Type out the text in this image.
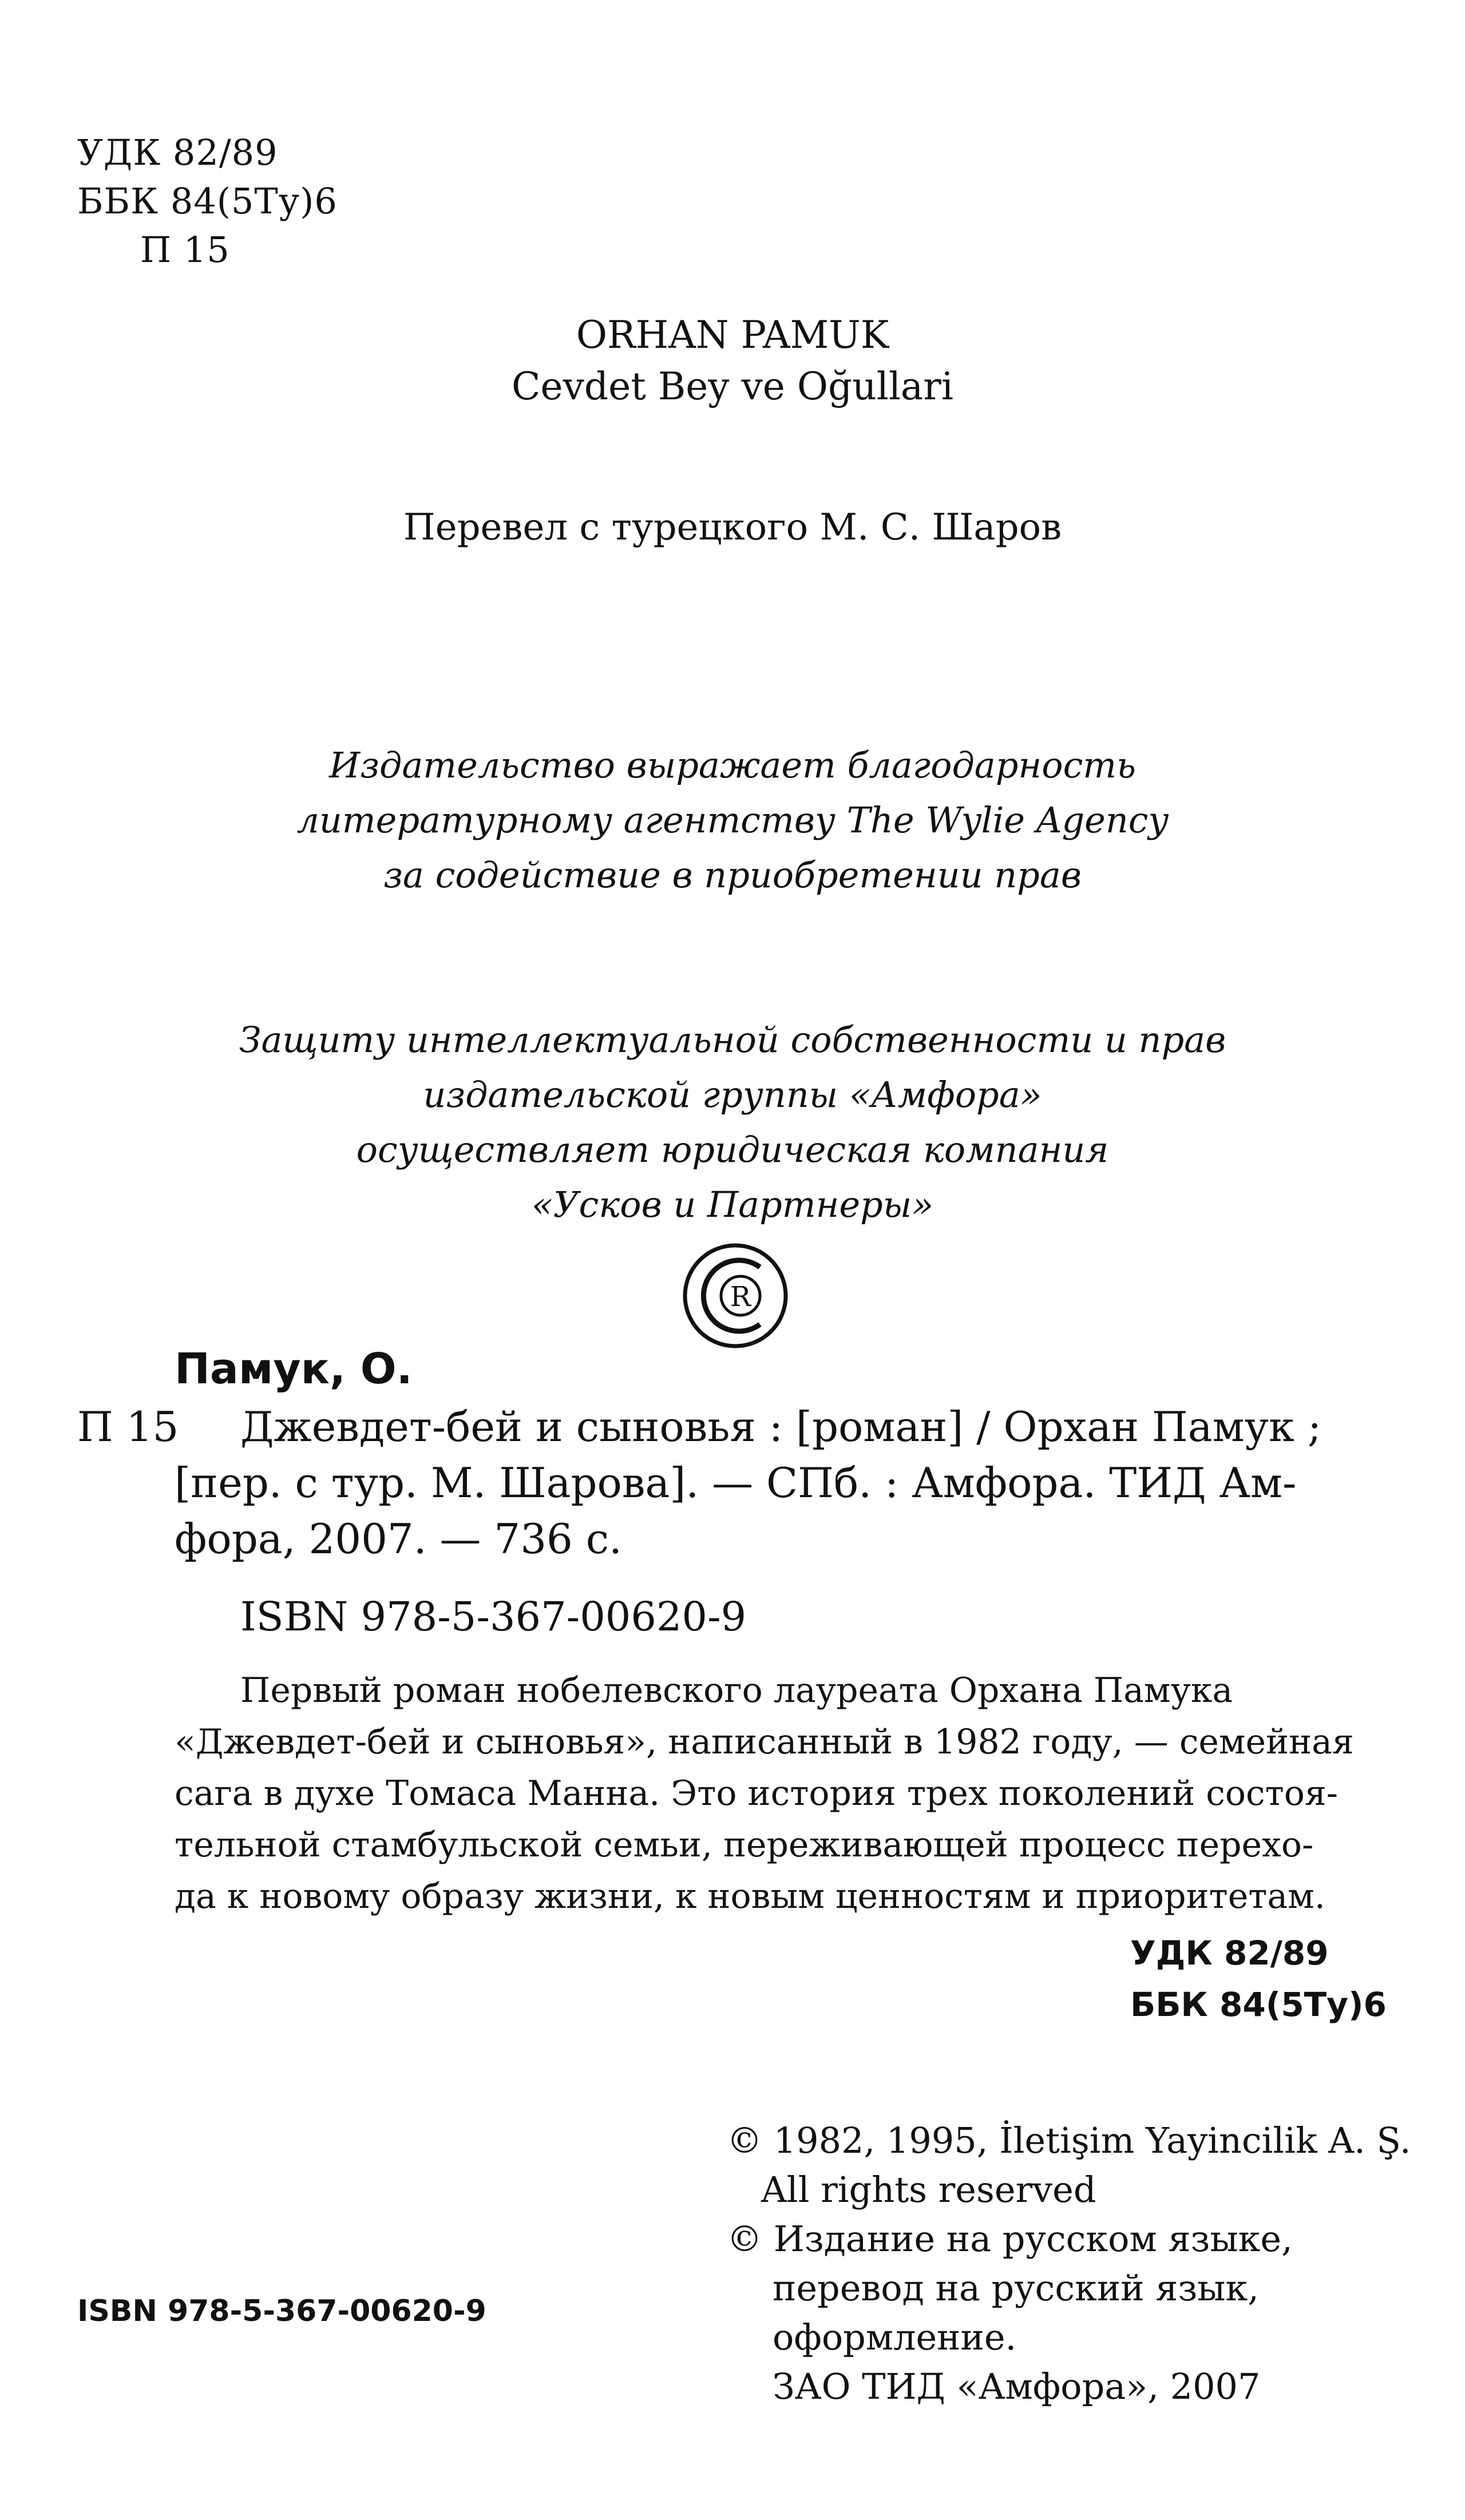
УДК 82/89
ББК 84(5Ту)6
П 15
ORHAN PAMUK
Cevdet Bey ve Oğullari
Перевел с турецкого М. С. Шаров
Издательство выражает благодарность
литературному агентству The Wylie Agency
за содействие в приобретении прав
Защиту интеллектуальной собственности и прав
издательской группы «Амфора»
осуществляет юридическая компания
«Усков и Партнеры»
R
Памук, О.
П 15 Джевдет-бей и сыновья : [роман] / Орхан Памук ;
[пер. с тур. М. Шарова]. — СПб. : Амфора. ТИД Ам-
фора, 2007. — 736 с.
ISBN 978-5-367-00620-9
Первый роман нобелевского лауреата Орхана Памука
«Джевдет-бей и сыновья», написанный в 1982 году, — семейная
сага в духе Томаса Манна. Это история трех поколений состоя-
тельной стамбульской семьи, переживающей процесс перехо-
да к новому образу жизни, к новым ценностям и приоритетам.
УДК 82/89
ББК 84(5Ту)6
ISBN 978-5-367-00620-9
© 1982, 1995, İletişim Yayincilik A. Ş.
All rights reserved
© Издание на русском языке,
перевод на русский язык,
оформление.
ЗАО ТИД «Амфора», 2007
